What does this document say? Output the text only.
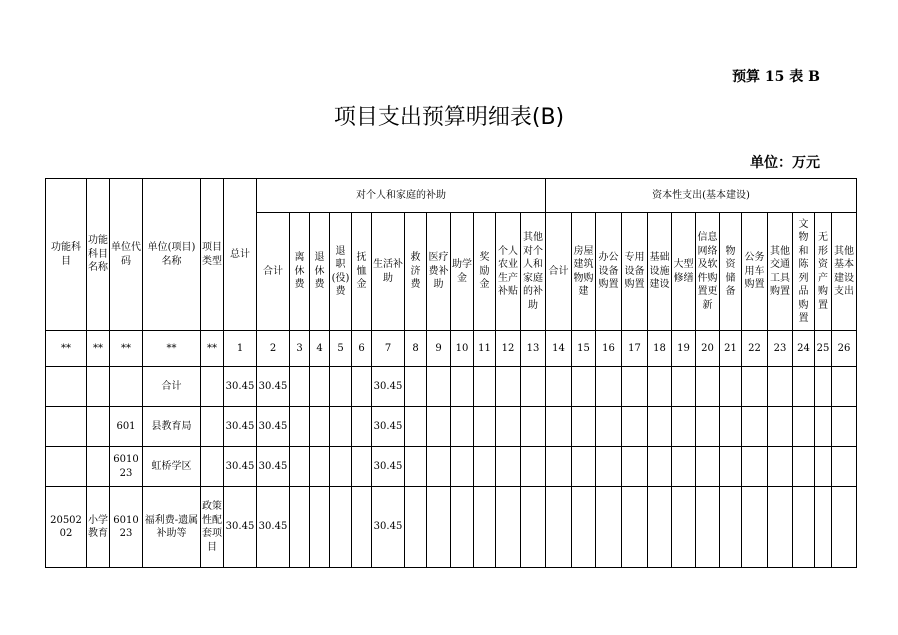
预算 15 表 B
项目支出预算明细表(B)
单位：万元
功能科目	功能科目名称	单位代码	单位(项目)名称	项目类型	总计	对个人和家庭的补助												资本性支出(基本建设)												
						合计	离休费	退休费	退职(役)费	抚恤金	生活补助	救济费	医疗费补助	助学金	奖励金	个人农业生产补贴	其他对个人和家庭的补助	合计	房屋建筑物购建	办公设备购置	专用设备购置	基础设施建设	大型修缮	信息网络及软件购置更新	物资储备	公务用车购置	其他交通工具购置	文物和陈列品购置	无形资产购置	其他基本建设支出
**	**	**	**	**	1	2	3	4	5	6	7	8	9	10	11	12	13	14	15	16	17	18	19	20	21	22	23	24	25	26
			合计		30.45	30.45					30.45																			
		601	县教育局		30.45	30.45					30.45																			
		601023	虹桥学区		30.45	30.45					30.45																			
2050202	小学教育	601023	福利费-遗属补助等	政策性配套项目	30.45	30.45					30.45																			
